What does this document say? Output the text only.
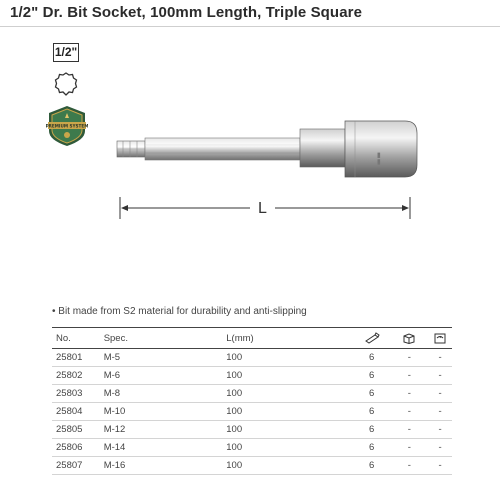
1/2" Dr. Bit Socket, 100mm Length, Triple Square
1/2"
PREMIUM SYSTEM
▬▬
L
• Bit made from S2 material for durability and anti-slipping
No.	Spec.	L(mm)			
25801	M-5	100	6	-	-
25802	M-6	100	6	-	-
25803	M-8	100	6	-	-
25804	M-10	100	6	-	-
25805	M-12	100	6	-	-
25806	M-14	100	6	-	-
25807	M-16	100	6	-	-
